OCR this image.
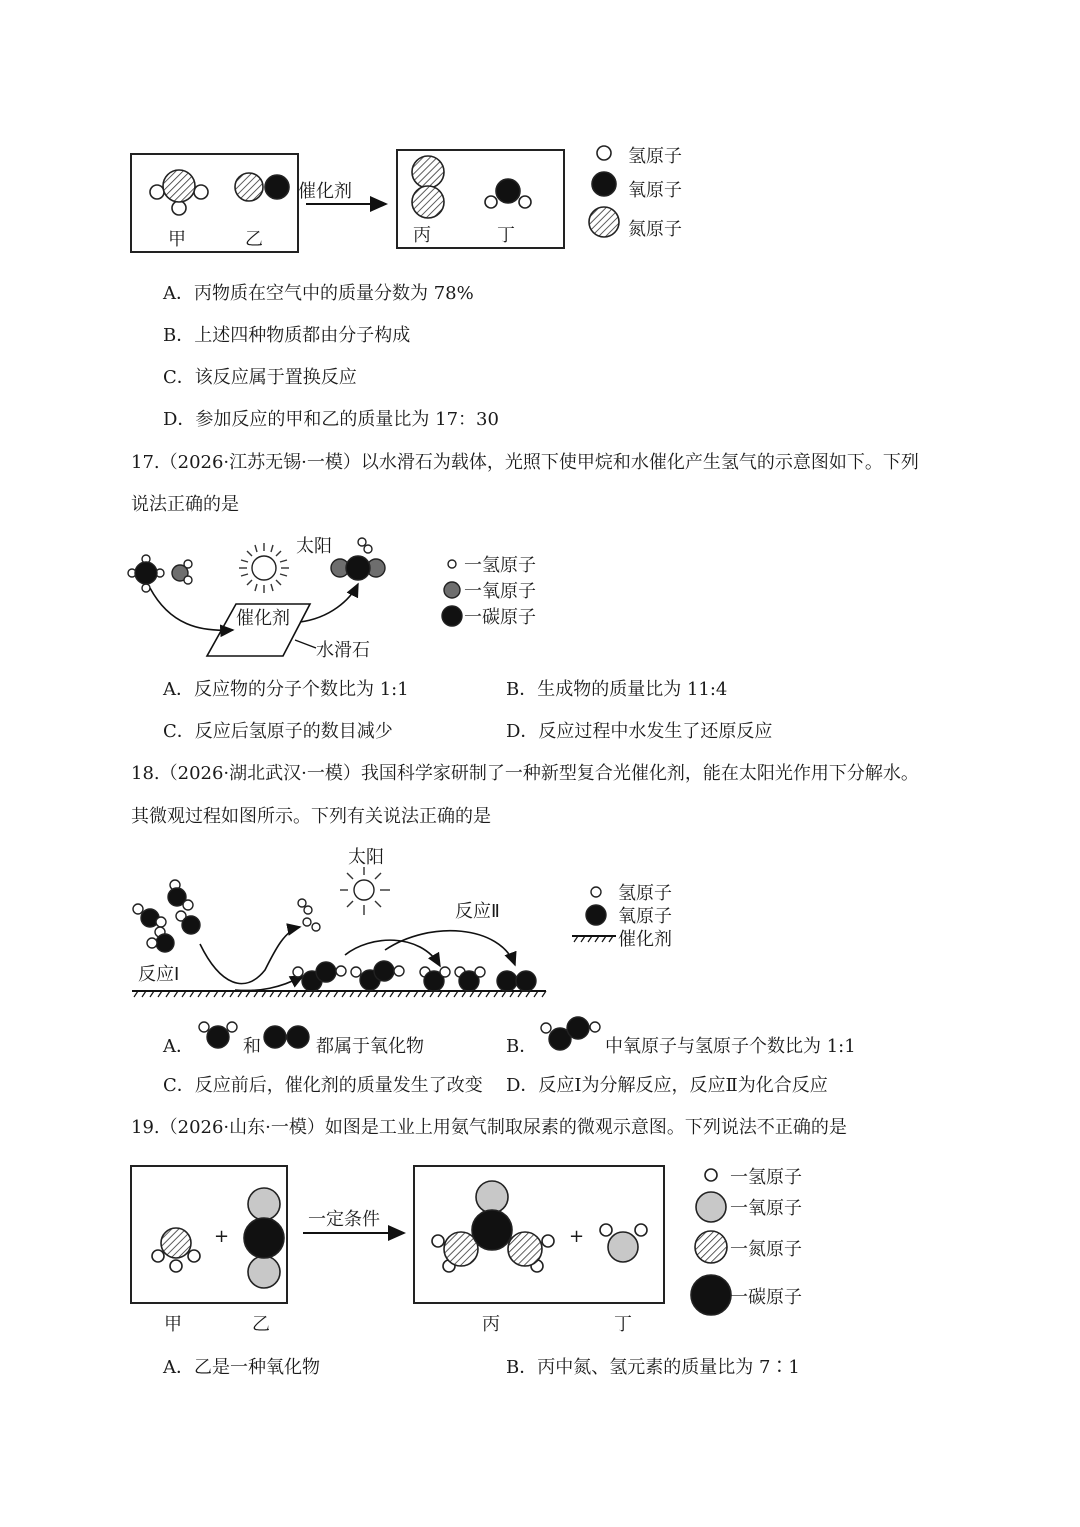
催化剂
甲	乙	丙	丁
氢原子
氧原子
氮原子
太阳
催化剂
水滑石
一氢原子
一氧原子
一碳原子
太阳
反应Ⅱ
反应Ⅰ
氢原子
氧原子
催化剂
+	+
一定条件
甲	乙	丙	丁
一氢原子
一氧原子
一氮原子
一碳原子
A．丙物质在空气中的质量分数为 78%
B．上述四种物质都由分子构成
C．该反应属于置换反应
D．参加反应的甲和乙的质量比为 17：30
17.（2026·江苏无锡·一模）以水滑石为载体，光照下使甲烷和水催化产生氢气的示意图如下。下列
说法正确的是
A．反应物的分子个数比为 1:1	B．生成物的质量比为 11:4
C．反应后氢原子的数目减少	D．反应过程中水发生了还原反应
18.（2026·湖北武汉·一模）我国科学家研制了一种新型复合光催化剂，能在太阳光作用下分解水。
其微观过程如图所示。下列有关说法正确的是
A．	和	都属于氧化物	B．	中氧原子与氢原子个数比为 1:1
C．反应前后，催化剂的质量发生了改变 D．反应Ⅰ为分解反应，反应Ⅱ为化合反应
19.（2026·山东·一模）如图是工业上用氨气制取尿素的微观示意图。下列说法不正确的是
A．乙是一种氧化物	B．丙中氮、氢元素的质量比为 7∶1
